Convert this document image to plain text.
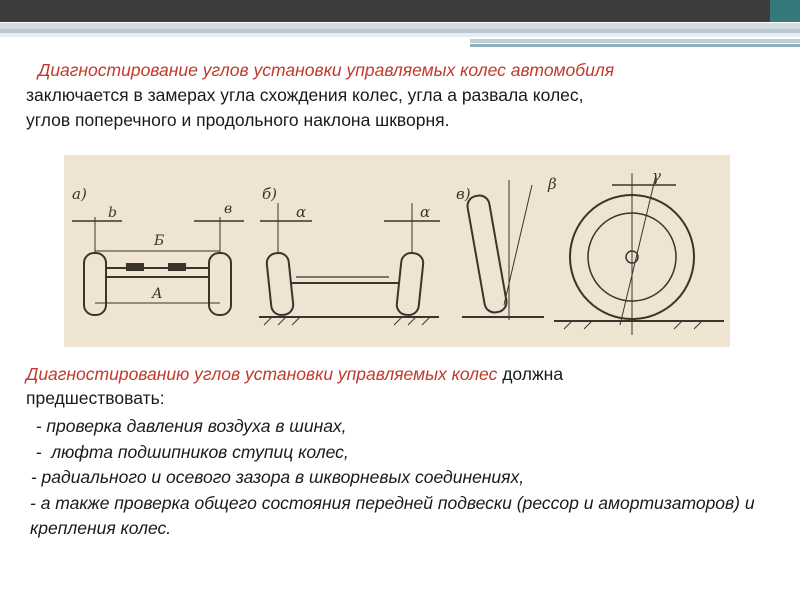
Диагностирование углов установки управляемых колес автомобиля
заключается в замерах угла схождения колес, угла а развала колес,
углов поперечного и продольного наклона шкворня.
а)
b	в
Б
А
б)
α	α
в)
β	γ
Диагностированию углов установки управляемых колес должна
предшествовать:
- проверка давления воздуха в шинах,
-  люфта подшипников ступиц колес,
- радиального и осевого зазора в шкворневых соединениях,
- а также проверка общего состояния передней подвески (рессор и амортизаторов) и крепления колес.
